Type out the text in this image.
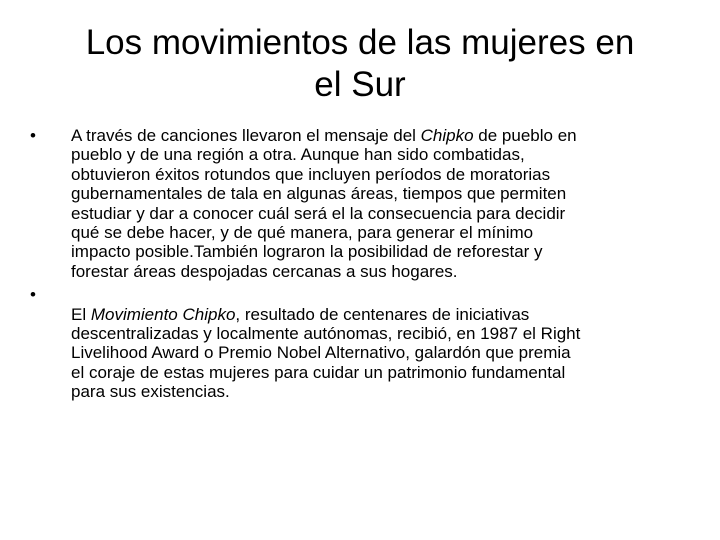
Los movimientos de las mujeres en
el Sur
• A través de canciones llevaron el mensaje del Chipko de pueblo en
pueblo y de una región a otra. Aunque han sido combatidas,
obtuvieron éxitos rotundos que incluyen períodos de moratorias
gubernamentales de tala en algunas áreas, tiempos que permiten
estudiar y dar a conocer cuál será el la consecuencia para decidir
qué se debe hacer, y de qué manera, para generar el mínimo
impacto posible.También lograron la posibilidad de reforestar y
forestar áreas despojadas cercanas a sus hogares.
•
El Movimiento Chipko, resultado de centenares de iniciativas
descentralizadas y localmente autónomas, recibió, en 1987 el Right
Livelihood Award o Premio Nobel Alternativo, galardón que premia
el coraje de estas mujeres para cuidar un patrimonio fundamental
para sus existencias.
